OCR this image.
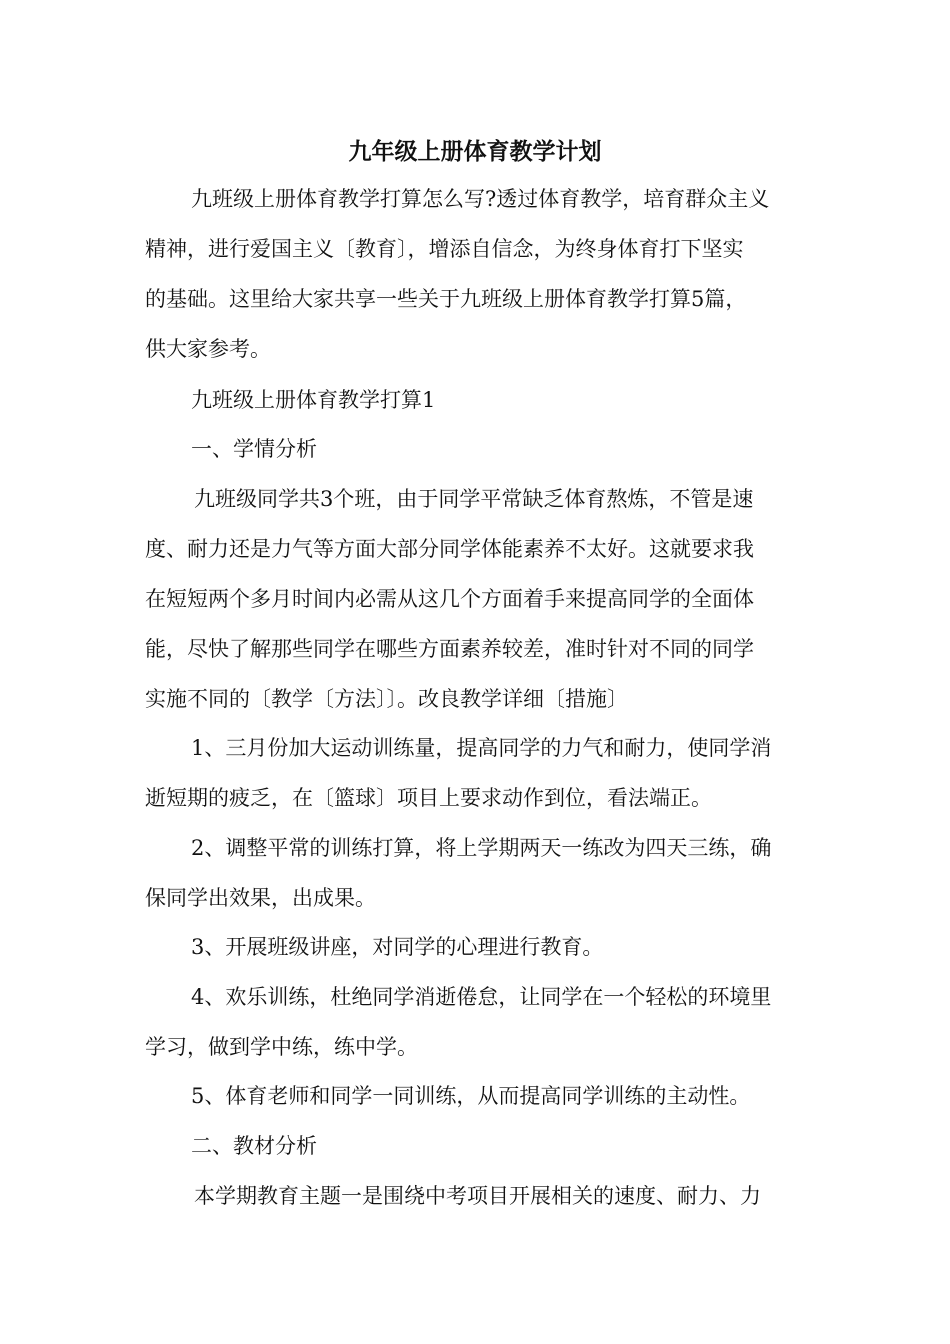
九年级上册体育教学计划
九班级上册体育教学打算怎么写?透过体育教学，培育群众主义
精神，进行爱国主义〔教育〕，增添自信念，为终身体育打下坚实
的基础。这里给大家共享一些关于九班级上册体育教学打算5篇，
供大家参考。
九班级上册体育教学打算1
一、学情分析
九班级同学共3个班，由于同学平常缺乏体育熬炼，不管是速
度、耐力还是力气等方面大部分同学体能素养不太好。这就要求我
在短短两个多月时间内必需从这几个方面着手来提高同学的全面体
能，尽快了解那些同学在哪些方面素养较差，准时针对不同的同学
实施不同的〔教学〔方法〕〕。改良教学详细〔措施〕
1、三月份加大运动训练量，提高同学的力气和耐力，使同学消
逝短期的疲乏，在〔篮球〕项目上要求动作到位，看法端正。
2、调整平常的训练打算，将上学期两天一练改为四天三练，确
保同学出效果，出成果。
3、开展班级讲座，对同学的心理进行教育。
4、欢乐训练，杜绝同学消逝倦怠，让同学在一个轻松的环境里
学习，做到学中练，练中学。
5、体育老师和同学一同训练，从而提高同学训练的主动性。
二、教材分析
本学期教育主题一是围绕中考项目开展相关的速度、耐力、力
